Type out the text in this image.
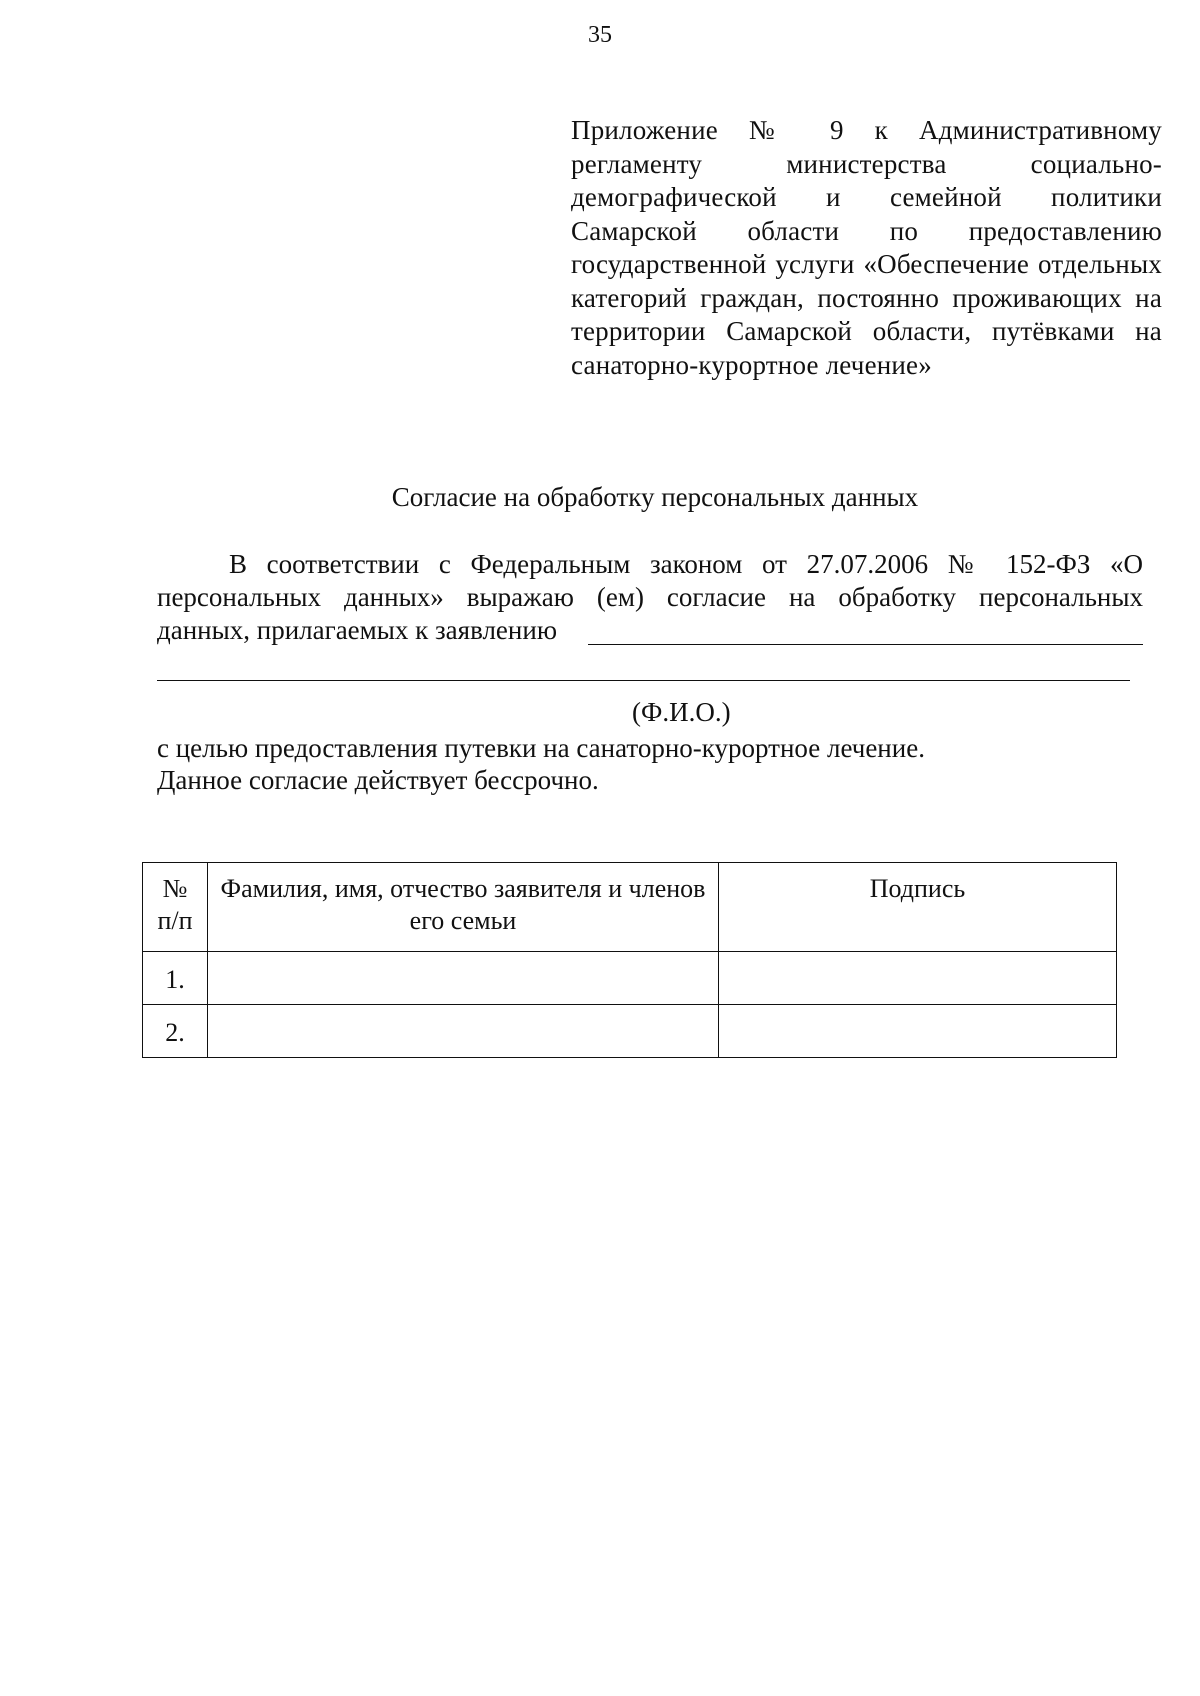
35
Приложение № 9 к Административному регламенту министерства социально-демографической и семейной политики Самарской области по предоставлению государственной услуги «Обеспечение отдельных категорий граждан, постоянно проживающих на территории Самарской области, путёвками на санаторно-курортное лечение»
Согласие на обработку персональных данных
В соответствии с Федеральным законом от 27.07.2006 № 152-ФЗ «О персональных данных» выражаю (ем) согласие на обработку персональных
данных, прилагаемых к заявлению
(Ф.И.О.)
с целью предоставления путевки на санаторно-курортное лечение.
Данное согласие действует бессрочно.
№ п/п	Фамилия, имя, отчество заявителя и членов его семьи	Подпись
1.		
2.		
